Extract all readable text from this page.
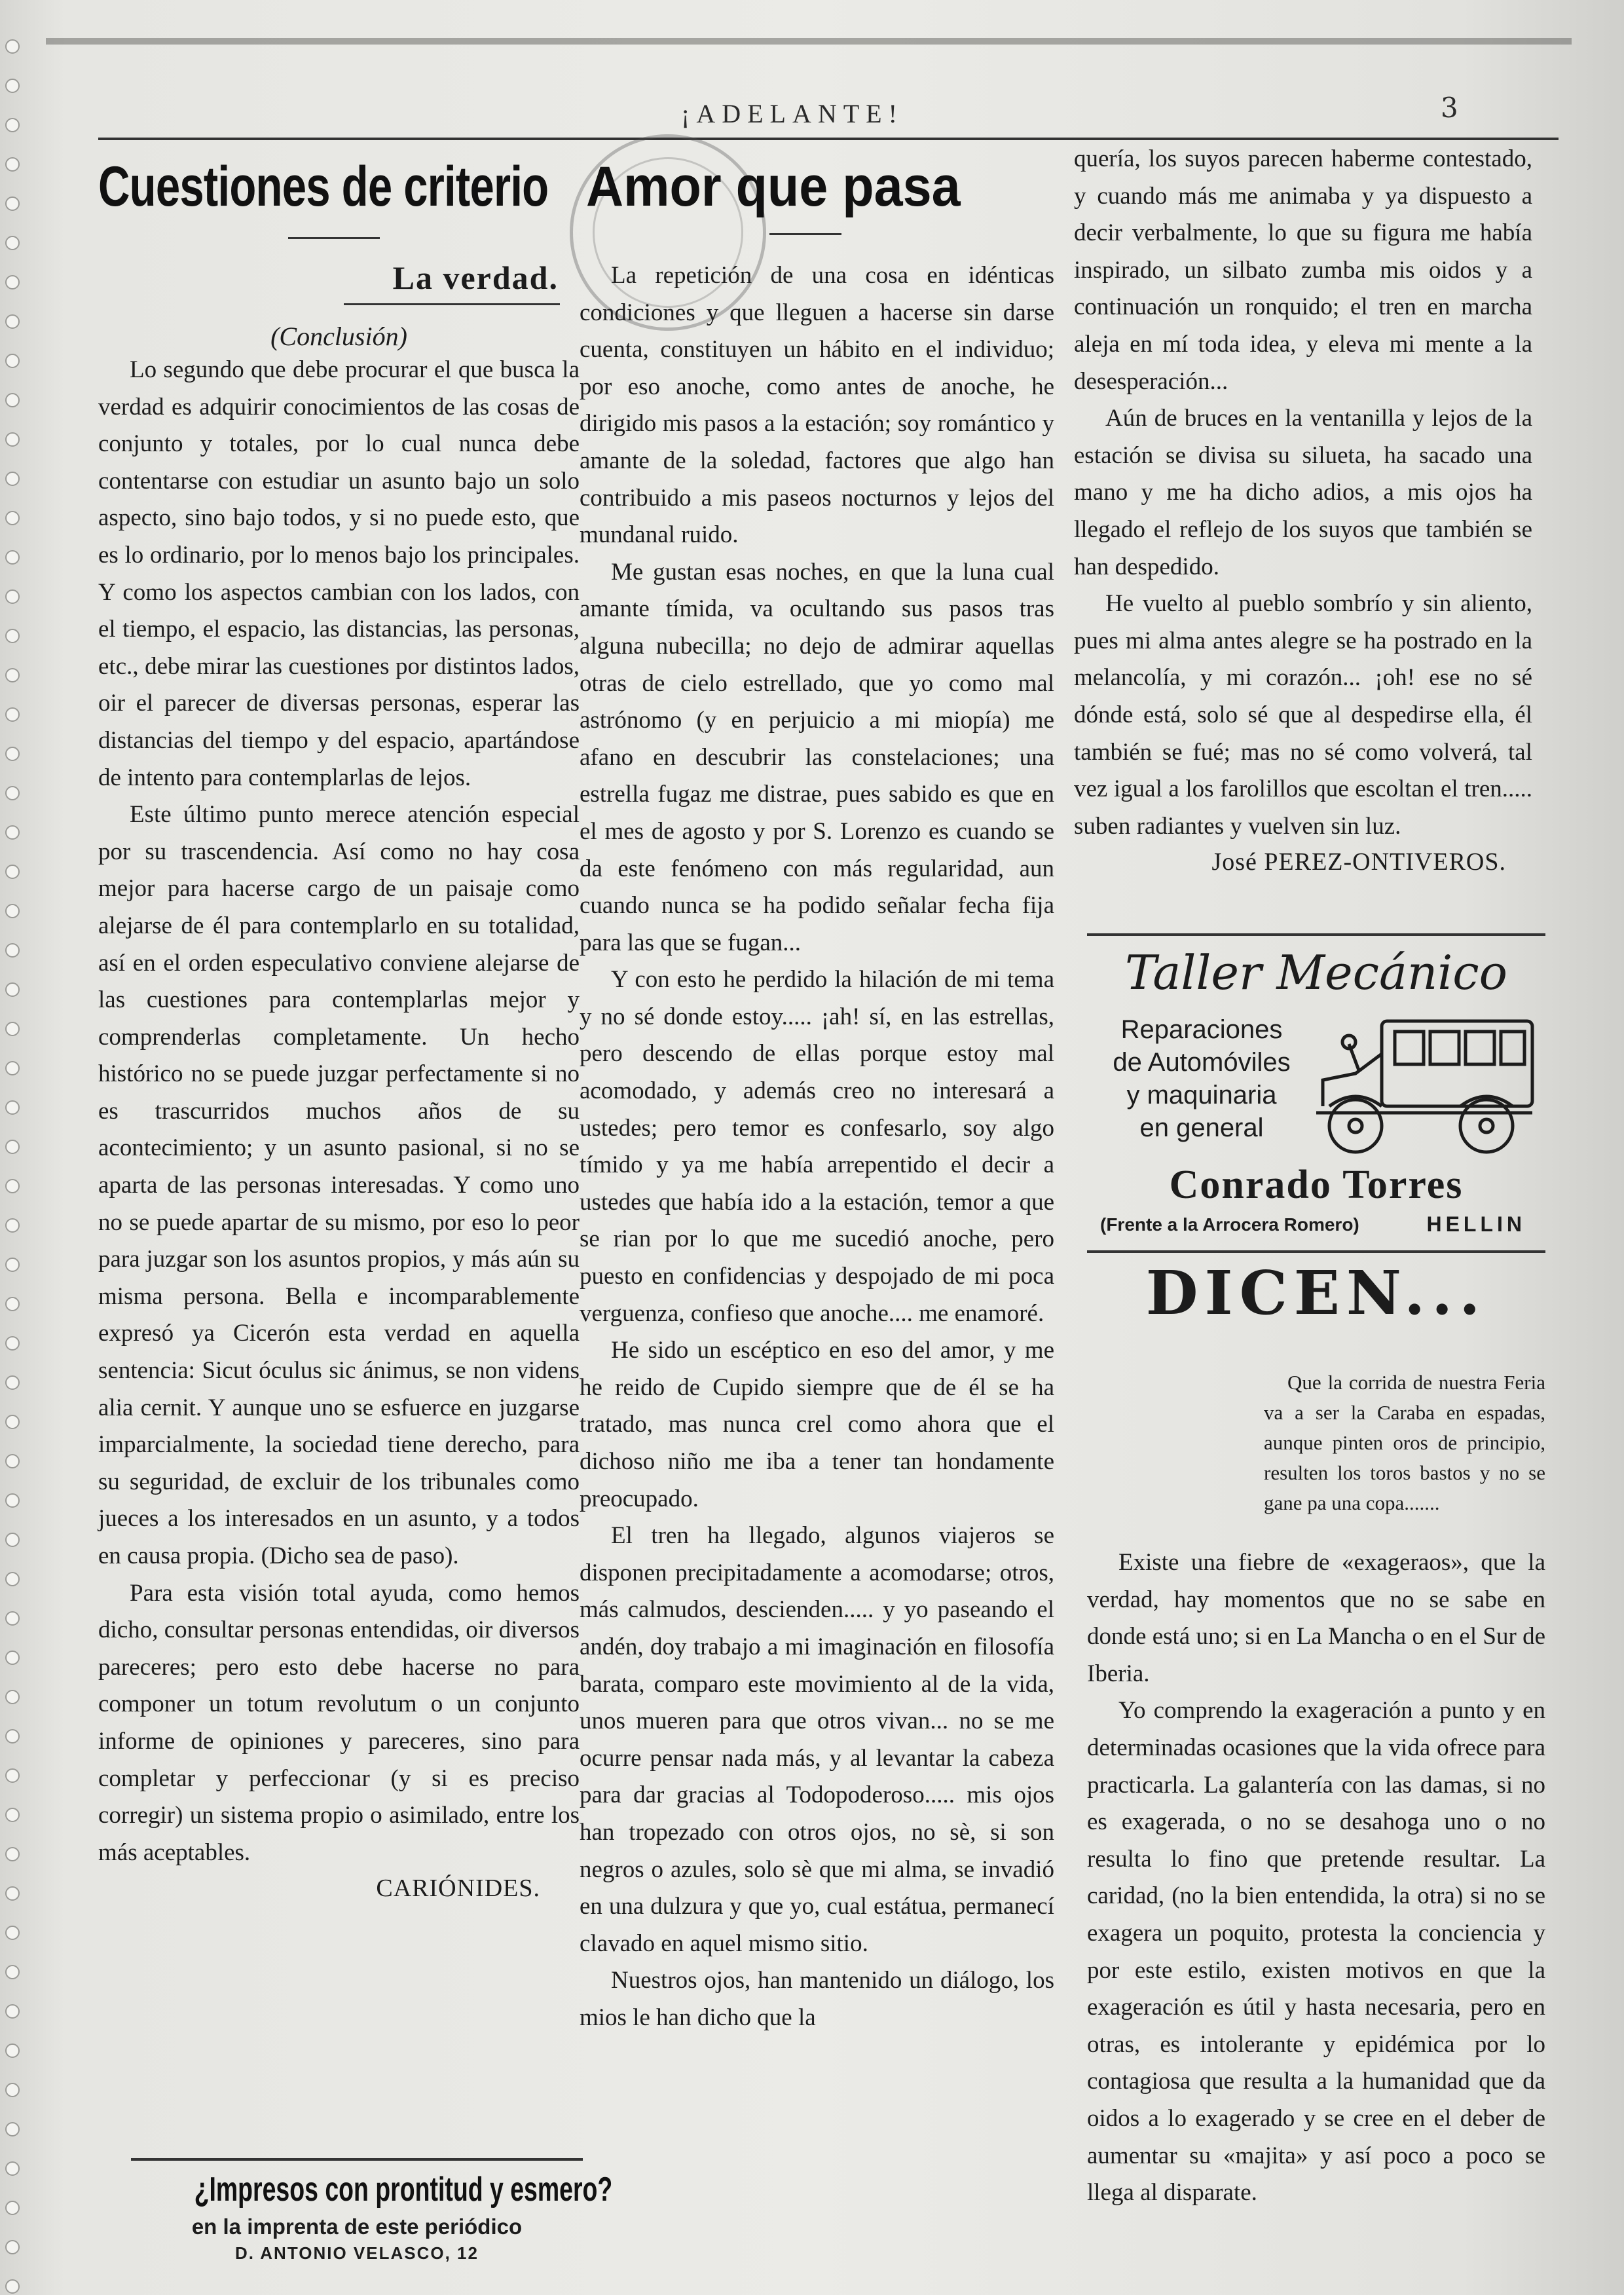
¡ADELANTE!	3
Cuestiones de criterio
La verdad.
(Conclusión)

Lo segundo que debe procurar el que busca la verdad es adquirir conocimientos de las cosas de conjunto y totales, por lo cual nunca debe contentarse con estudiar un asunto bajo un solo aspecto, sino bajo todos, y si no puede esto, que es lo ordinario, por lo menos bajo los principales. Y como los aspectos cambian con los lados, con el tiempo, el espacio, las distancias, las personas, etc., debe mirar las cuestiones por distintos lados, oir el parecer de diversas personas, esperar las distancias del tiempo y del espacio, apartándose de intento para contemplarlas de lejos.

Este último punto merece atención especial por su trascendencia. Así como no hay cosa mejor para hacerse cargo de un paisaje como alejarse de él para contemplarlo en su totalidad, así en el orden especulativo conviene alejarse de las cuestiones para contemplarlas mejor y comprenderlas completamente. Un hecho histórico no se puede juzgar perfectamente si no es trascurridos muchos años de su acontecimiento; y un asunto pasional, si no se aparta de las personas interesadas. Y como uno no se puede apartar de su mismo, por eso lo peor para juzgar son los asuntos propios, y más aún su misma persona. Bella e incomparablemente expresó ya Cicerón esta verdad en aquella sentencia: Sicut óculus sic ánimus, se non videns alia cernit. Y aunque uno se esfuerce en juzgarse imparcialmente, la sociedad tiene derecho, para su seguridad, de excluir de los tribunales como jueces a los interesados en un asunto, y a todos en causa propia. (Dicho sea de paso).

Para esta visión total ayuda, como hemos dicho, consultar personas entendidas, oir diversos pareceres; pero esto debe hacerse no para componer un totum revolutum o un conjunto informe de opiniones y pareceres, sino para completar y perfeccionar (y si es preciso corregir) un sistema propio o asimilado, entre los más aceptables.

CARIÓNIDES.
¿Impresos con prontitud y esmero?
en la imprenta de este periódico
D. ANTONIO VELASCO, 12
Amor que pasa

La repetición de una cosa en idénticas condiciones y que lleguen a hacerse sin darse cuenta, constituyen un hábito en el individuo; por eso anoche, como antes de anoche, he dirigido mis pasos a la estación; soy romántico y amante de la soledad, factores que algo han contribuido a mis paseos nocturnos y lejos del mundanal ruido.

Me gustan esas noches, en que la luna cual amante tímida, va ocultando sus pasos tras alguna nubecilla; no dejo de admirar aquellas otras de cielo estrellado, que yo como mal astrónomo (y en perjuicio a mi miopía) me afano en descubrir las constelaciones; una estrella fugaz me distrae, pues sabido es que en el mes de agosto y por S. Lorenzo es cuando se da este fenómeno con más regularidad, aun cuando nunca se ha podido señalar fecha fija para las que se fugan...

Y con esto he perdido la hilación de mi tema y no sé donde estoy..... ¡ah! sí, en las estrellas, pero descendo de ellas porque estoy mal acomodado, y además creo no interesará a ustedes; pero temor es confesarlo, soy algo tímido y ya me había arrepentido el decir a ustedes que había ido a la estación, temor a que se rian por lo que me sucedió anoche, pero puesto en confidencias y despojado de mi poca verguenza, confieso que anoche.... me enamoré.

He sido un escéptico en eso del amor, y me he reido de Cupido siempre que de él se ha tratado, mas nunca crel como ahora que el dichoso niño me iba a tener tan hondamente preocupado.

El tren ha llegado, algunos viajeros se disponen precipitadamente a acomodarse; otros, más calmudos, descienden..... y yo paseando el andén, doy trabajo a mi imaginación en filosofía barata, comparo este movimiento al de la vida, unos mueren para que otros vivan... no se me ocurre pensar nada más, y al levantar la cabeza para dar gracias al Todopoderoso..... mis ojos han tropezado con otros ojos, no sè, si son negros o azules, solo sè que mi alma, se invadió en una dulzura y que yo, cual estátua, permanecí clavado en aquel mismo sitio.

Nuestros ojos, han mantenido un diálogo, los mios le han dicho que la

quería, los suyos parecen haberme contestado, y cuando más me animaba y ya dispuesto a decir verbalmente, lo que su figura me había inspirado, un silbato zumba mis oidos y a continuación un ronquido; el tren en marcha aleja en mí toda idea, y eleva mi mente a la desesperación...

Aún de bruces en la ventanilla y lejos de la estación se divisa su silueta, ha sacado una mano y me ha dicho adios, a mis ojos ha llegado el reflejo de los suyos que también se han despedido.

He vuelto al pueblo sombrío y sin aliento, pues mi alma antes alegre se ha postrado en la melancolía, y mi corazón... ¡oh! ese no sé dónde está, solo sé que al despedirse ella, él también se fué; mas no sé como volverá, tal vez igual a los farolillos que escoltan el tren..... suben radiantes y vuelven sin luz.

José PEREZ-ONTIVEROS.
Taller Mecánico
Reparaciones
de Automóviles
y maquinaria
en general
Conrado Torres
(Frente a la Arrocera Romero)	HELLIN
DICEN...

Que la corrida de nuestra Feria va a ser la Caraba en espadas, aunque pinten oros de principio, resulten los toros bastos y no se gane pa una copa.......

Existe una fiebre de «exageraos», que la verdad, hay momentos que no se sabe en donde está uno; si en La Mancha o en el Sur de Iberia.

Yo comprendo la exageración a punto y en determinadas ocasiones que la vida ofrece para practicarla. La galantería con las damas, si no es exagerada, o no se desahoga uno o no resulta lo fino que pretende resultar. La caridad, (no la bien entendida, la otra) si no se exagera un poquito, protesta la conciencia y por este estilo, existen motivos en que la exageración es útil y hasta necesaria, pero en otras, es intolerante y epidémica por lo contagiosa que resulta a la humanidad que da oidos a lo exagerado y se cree en el deber de aumentar su «majita» y así poco a poco se llega al disparate.
